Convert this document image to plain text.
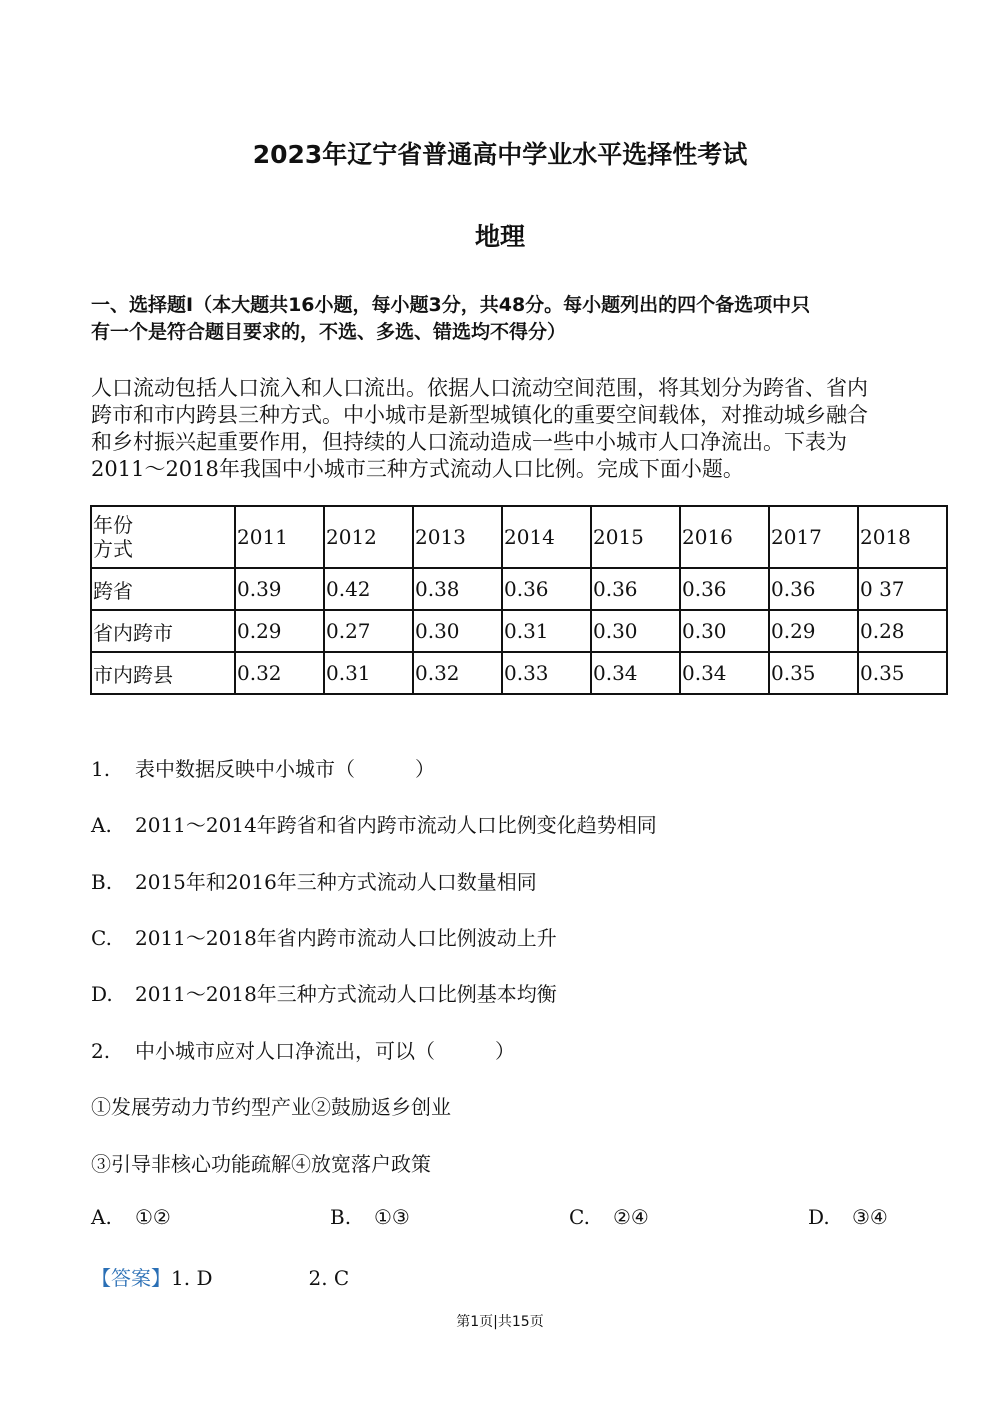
2023年辽宁省普通高中学业水平选择性考试
地理
一、选择题Ⅰ（本大题共16小题，每小题3分，共48分。每小题列出的四个备选项中只
有一个是符合题目要求的，不选、多选、错选均不得分）
人口流动包括人口流入和人口流出。依据人口流动空间范围，将其划分为跨省、省内
跨市和市内跨县三种方式。中小城市是新型城镇化的重要空间载体，对推动城乡融合
和乡村振兴起重要作用，但持续的人口流动造成一些中小城市人口净流出。下表为
2011～2018年我国中小城市三种方式流动人口比例。完成下面小题。
年份
方式	2011	2012	2013	2014	2015	2016	2017	2018
跨省	0.39	0.42	0.38	0.36	0.36	0.36	0.36	0 37
省内跨市	0.29	0.27	0.30	0.31	0.30	0.30	0.29	0.28
市内跨县	0.32	0.31	0.32	0.33	0.34	0.34	0.35	0.35
1. 表中数据反映中小城市（　　　）
A. 2011～2014年跨省和省内跨市流动人口比例变化趋势相同
B. 2015年和2016年三种方式流动人口数量相同
C. 2011～2018年省内跨市流动人口比例波动上升
D. 2011～2018年三种方式流动人口比例基本均衡
2. 中小城市应对人口净流出，可以（　　　）
①发展劳动力节约型产业②鼓励返乡创业
③引导非核心功能疏解④放宽落户政策
A. ①②	B. ①③	C. ②④	D. ③④
【答案】1. D	2. C
第1页|共15页
